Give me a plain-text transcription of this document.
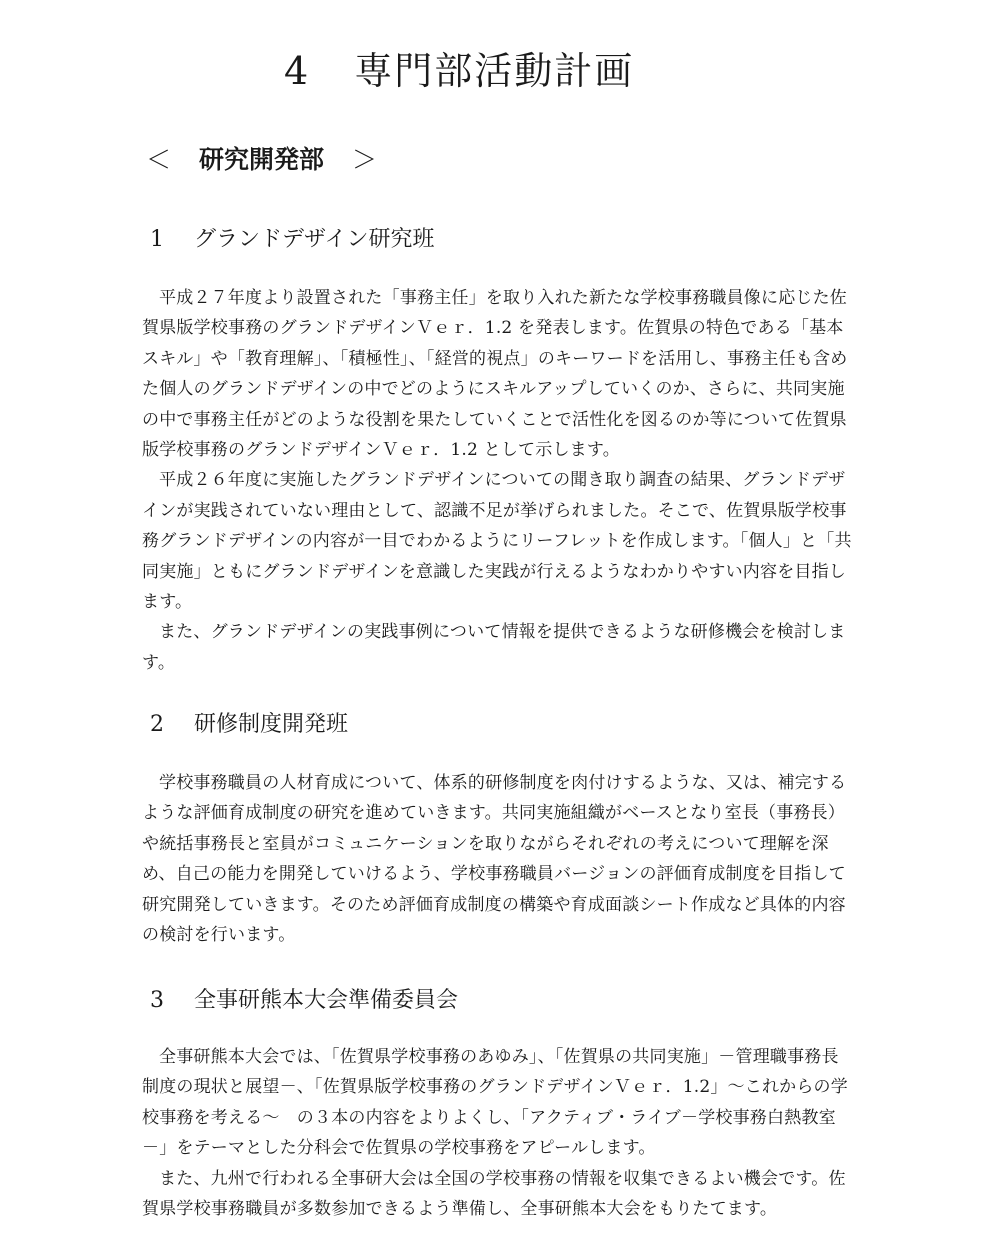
4 専門部活動計画
＜ 研究開発部 ＞
1 グランドデザイン研究班

平成２７年度より設置された「事務主任」を取り入れた新たな学校事務職員像に応じた佐賀県版学校事務のグランドデザインＶｅｒ．1.2 を発表します。佐賀県の特色である「基本スキル」や「教育理解」、「積極性」、「経営的視点」のキーワードを活用し、事務主任も含めた個人のグランドデザインの中でどのようにスキルアップしていくのか、さらに、共同実施の中で事務主任がどのような役割を果たしていくことで活性化を図るのか等について佐賀県版学校事務のグランドデザインＶｅｒ．1.2 として示します。

平成２６年度に実施したグランドデザインについての聞き取り調査の結果、グランドデザインが実践されていない理由として、認識不足が挙げられました。そこで、佐賀県版学校事務グランドデザインの内容が一目でわかるようにリーフレットを作成します。「個人」と「共同実施」ともにグランドデザインを意識した実践が行えるようなわかりやすい内容を目指します。

また、グランドデザインの実践事例について情報を提供できるような研修機会を検討します。

2 研修制度開発班

学校事務職員の人材育成について、体系的研修制度を肉付けするような、又は、補完するような評価育成制度の研究を進めていきます。共同実施組織がベースとなり室長（事務長）や統括事務長と室員がコミュニケーションを取りながらそれぞれの考えについて理解を深め、自己の能力を開発していけるよう、学校事務職員バージョンの評価育成制度を目指して研究開発していきます。そのため評価育成制度の構築や育成面談シート作成など具体的内容の検討を行います。

3 全事研熊本大会準備委員会

全事研熊本大会では、「佐賀県学校事務のあゆみ」、「佐賀県の共同実施」－管理職事務長制度の現状と展望－、「佐賀県版学校事務のグランドデザインＶｅｒ．1.2」～これからの学校事務を考える～　の３本の内容をよりよくし、「アクティブ・ライブ－学校事務白熱教室－」をテーマとした分科会で佐賀県の学校事務をアピールします。

また、九州で行われる全事研大会は全国の学校事務の情報を収集できるよい機会です。佐賀県学校事務職員が多数参加できるよう準備し、全事研熊本大会をもりたてます。
